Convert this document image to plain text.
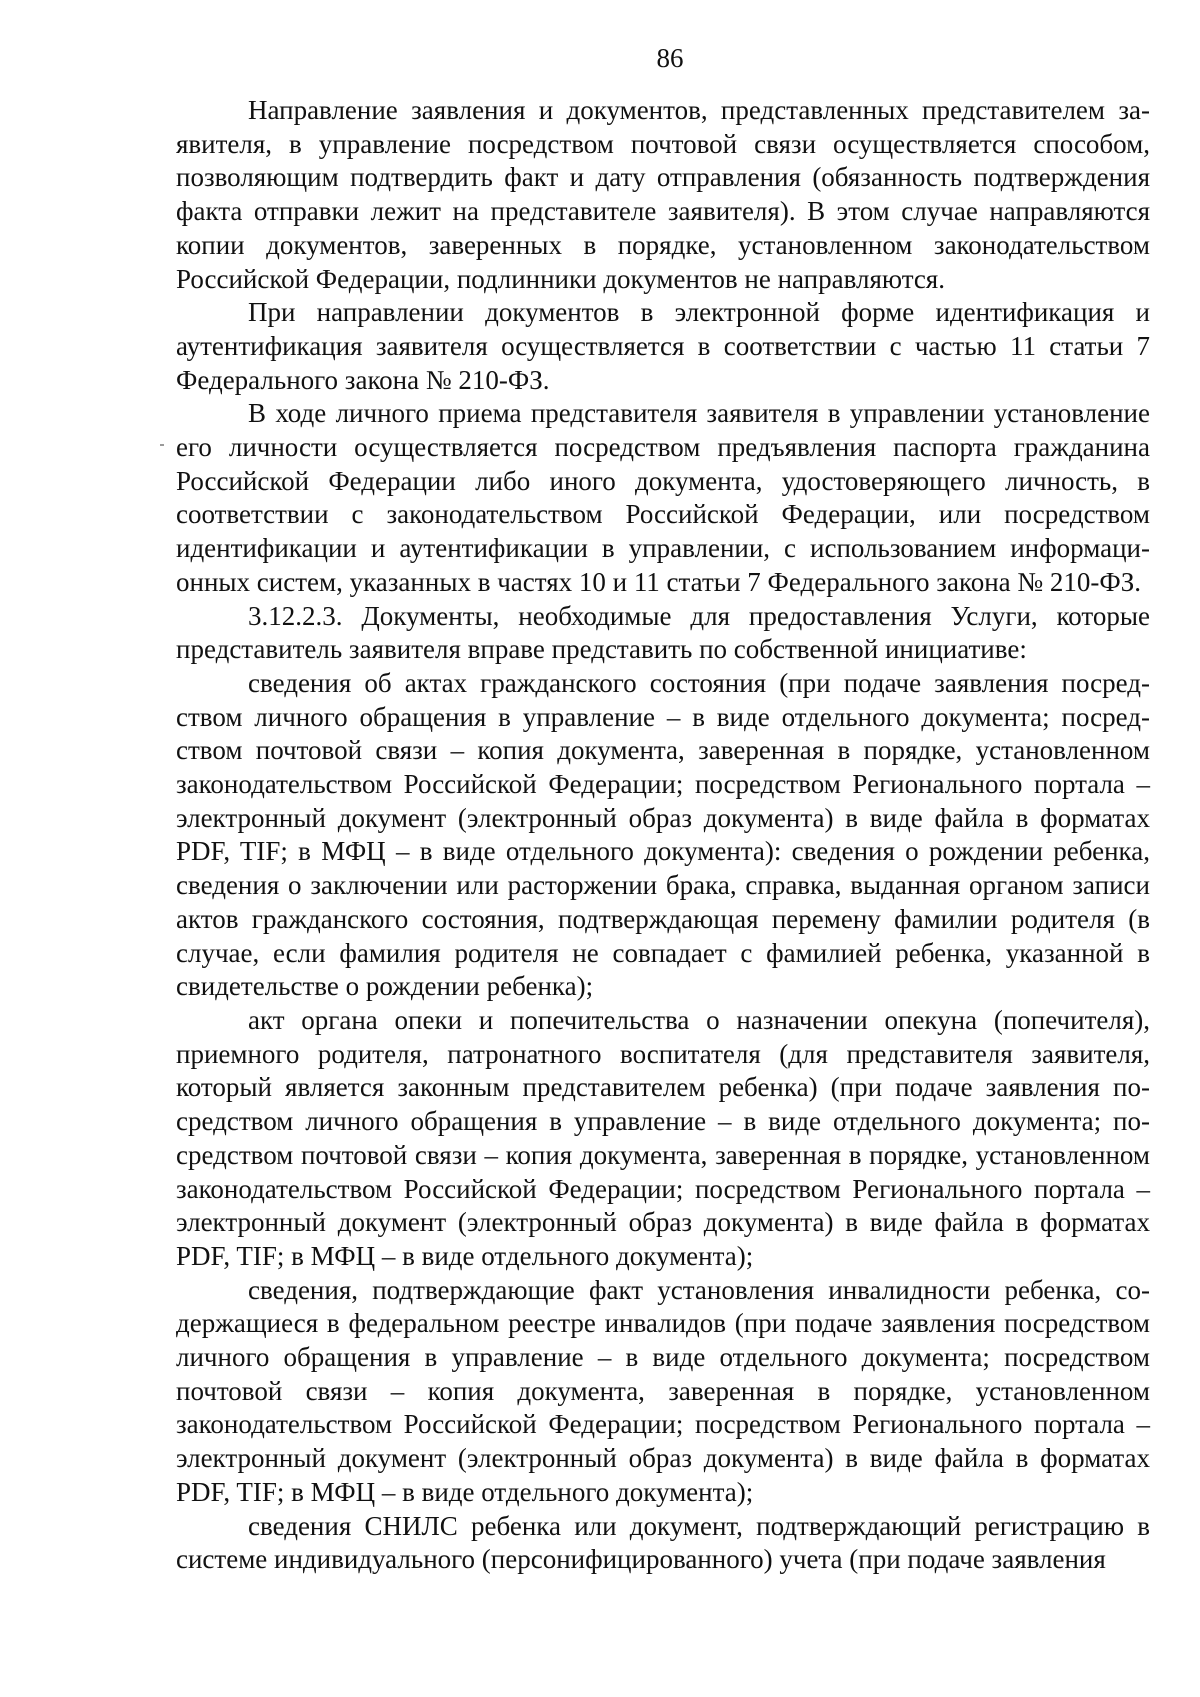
86

Направление заявления и документов, представленных представителем заявителя, в управление посредством почтовой связи осуществляется способом, позволяющим подтвердить факт и дату отправления (обязанность подтверждения факта отправки лежит на представителе заявителя). В этом случае направляются копии документов, заверенных в порядке, установленном законодательством Российской Федерации, подлинники документов не направляются.

При направлении документов в электронной форме идентификация и аутентификация заявителя осуществляется в соответствии с частью 11 статьи 7 Федерального закона № 210-ФЗ.

В ходе личного приема представителя заявителя в управлении установление его личности осуществляется посредством предъявления паспорта гражданина Российской Федерации либо иного документа, удостоверяющего личность, в соответствии с законодательством Российской Федерации, или посредством идентификации и аутентификации в управлении, с использованием информационных систем, указанных в частях 10 и 11 статьи 7 Федерального закона № 210-ФЗ.

3.12.2.3. Документы, необходимые для предоставления Услуги, которые представитель заявителя вправе представить по собственной инициативе:

сведения об актах гражданского состояния (при подаче заявления посредством личного обращения в управление – в виде отдельного документа; посредством почтовой связи – копия документа, заверенная в порядке, установленном законодательством Российской Федерации; посредством Регионального портала – электронный документ (электронный образ документа) в виде файла в форматах PDF, TIF; в МФЦ – в виде отдельного документа): сведения о рождении ребенка, сведения о заключении или расторжении брака, справка, выданная органом записи актов гражданского состояния, подтверждающая перемену фамилии родителя (в случае, если фамилия родителя не совпадает с фамилией ребенка, указанной в свидетельстве о рождении ребенка);

акт органа опеки и попечительства о назначении опекуна (попечителя), приемного родителя, патронатного воспитателя (для представителя заявителя, который является законным представителем ребенка) (при подаче заявления посредством личного обращения в управление – в виде отдельного документа; посредством почтовой связи – копия документа, заверенная в порядке, установленном законодательством Российской Федерации; посредством Регионального портала – электронный документ (электронный образ документа) в виде файла в форматах PDF, TIF; в МФЦ – в виде отдельного документа);

сведения, подтверждающие факт установления инвалидности ребенка, содержащиеся в федеральном реестре инвалидов (при подаче заявления посредством личного обращения в управление – в виде отдельного документа; посредством почтовой связи – копия документа, заверенная в порядке, установленном законодательством Российской Федерации; посредством Регионального портала – электронный документ (электронный образ документа) в виде файла в форматах PDF, TIF; в МФЦ – в виде отдельного документа);

сведения СНИЛС ребенка или документ, подтверждающий регистрацию в системе индивидуального (персонифицированного) учета (при подаче заявления
